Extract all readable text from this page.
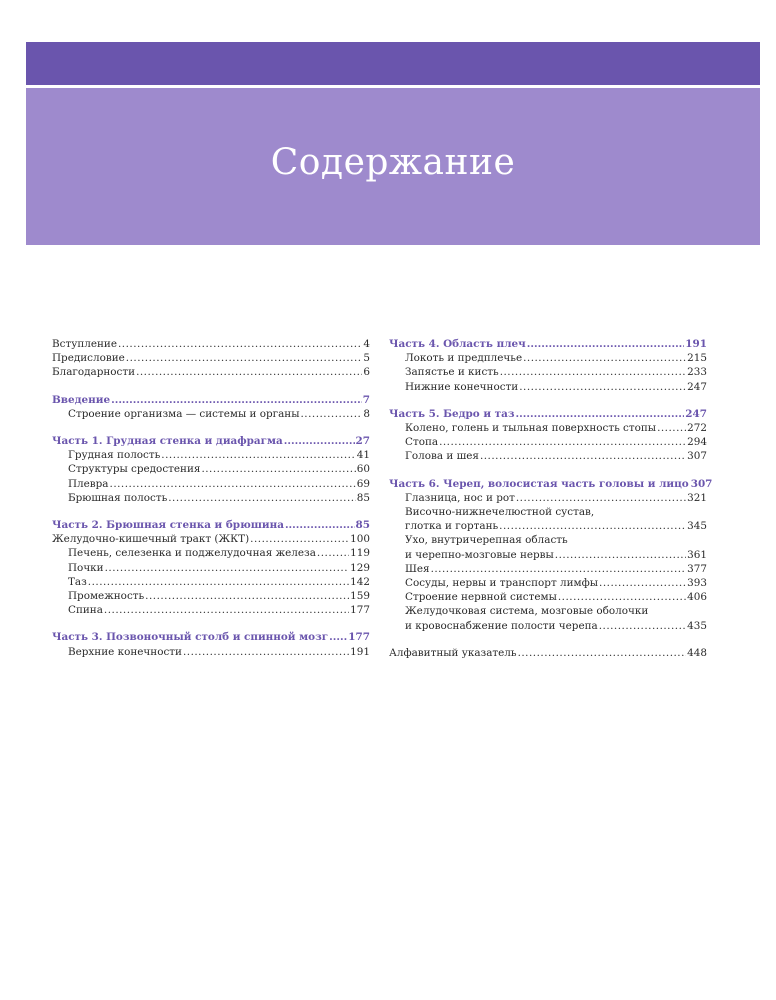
Содержание
Вступление .....	4
Предисловие .....	5
Благодарности .....	6
Введение .....	7
Строение организма — системы и органы .....	8
Часть 1. Грудная стенка и диафрагма .....	27
Грудная полость .....	41
Структуры средостения .....	60
Плевра .....	69
Брюшная полость .....	85
Часть 2. Брюшная стенка и брюшина .....	85
Желудочно-кишечный тракт (ЖКТ) .....	100
Печень, селезенка и поджелудочная железа .....	119
Почки .....	129
Таз .....	142
Промежность .....	159
Спина .....	177
Часть 3. Позвоночный столб и спинной мозг ..... 177
Верхние конечности .....	191
Часть 4. Область плеч .....	191
Локоть и предплечье .....	215
Запястье и кисть .....	233
Нижние конечности .....	247
Часть 5. Бедро и таз .....	247
Колено, голень и тыльная поверхность стопы .....	272
Стопа .....	294
Голова и шея .....	307
Часть 6. Череп, волосистая часть головы и лицо 307
Глазница, нос и рот .....	321
Височно-нижнечелюстной сустав,
глотка и гортань .....	345
Ухо, внутричерепная область
и черепно-мозговые нервы .....	361
Шея .....	377
Сосуды, нервы и транспорт лимфы .....	393
Строение нервной системы .....	406
Желудочковая система, мозговые оболочки
и кровоснабжение полости черепа .....	435
Алфавитный указатель .....	448
